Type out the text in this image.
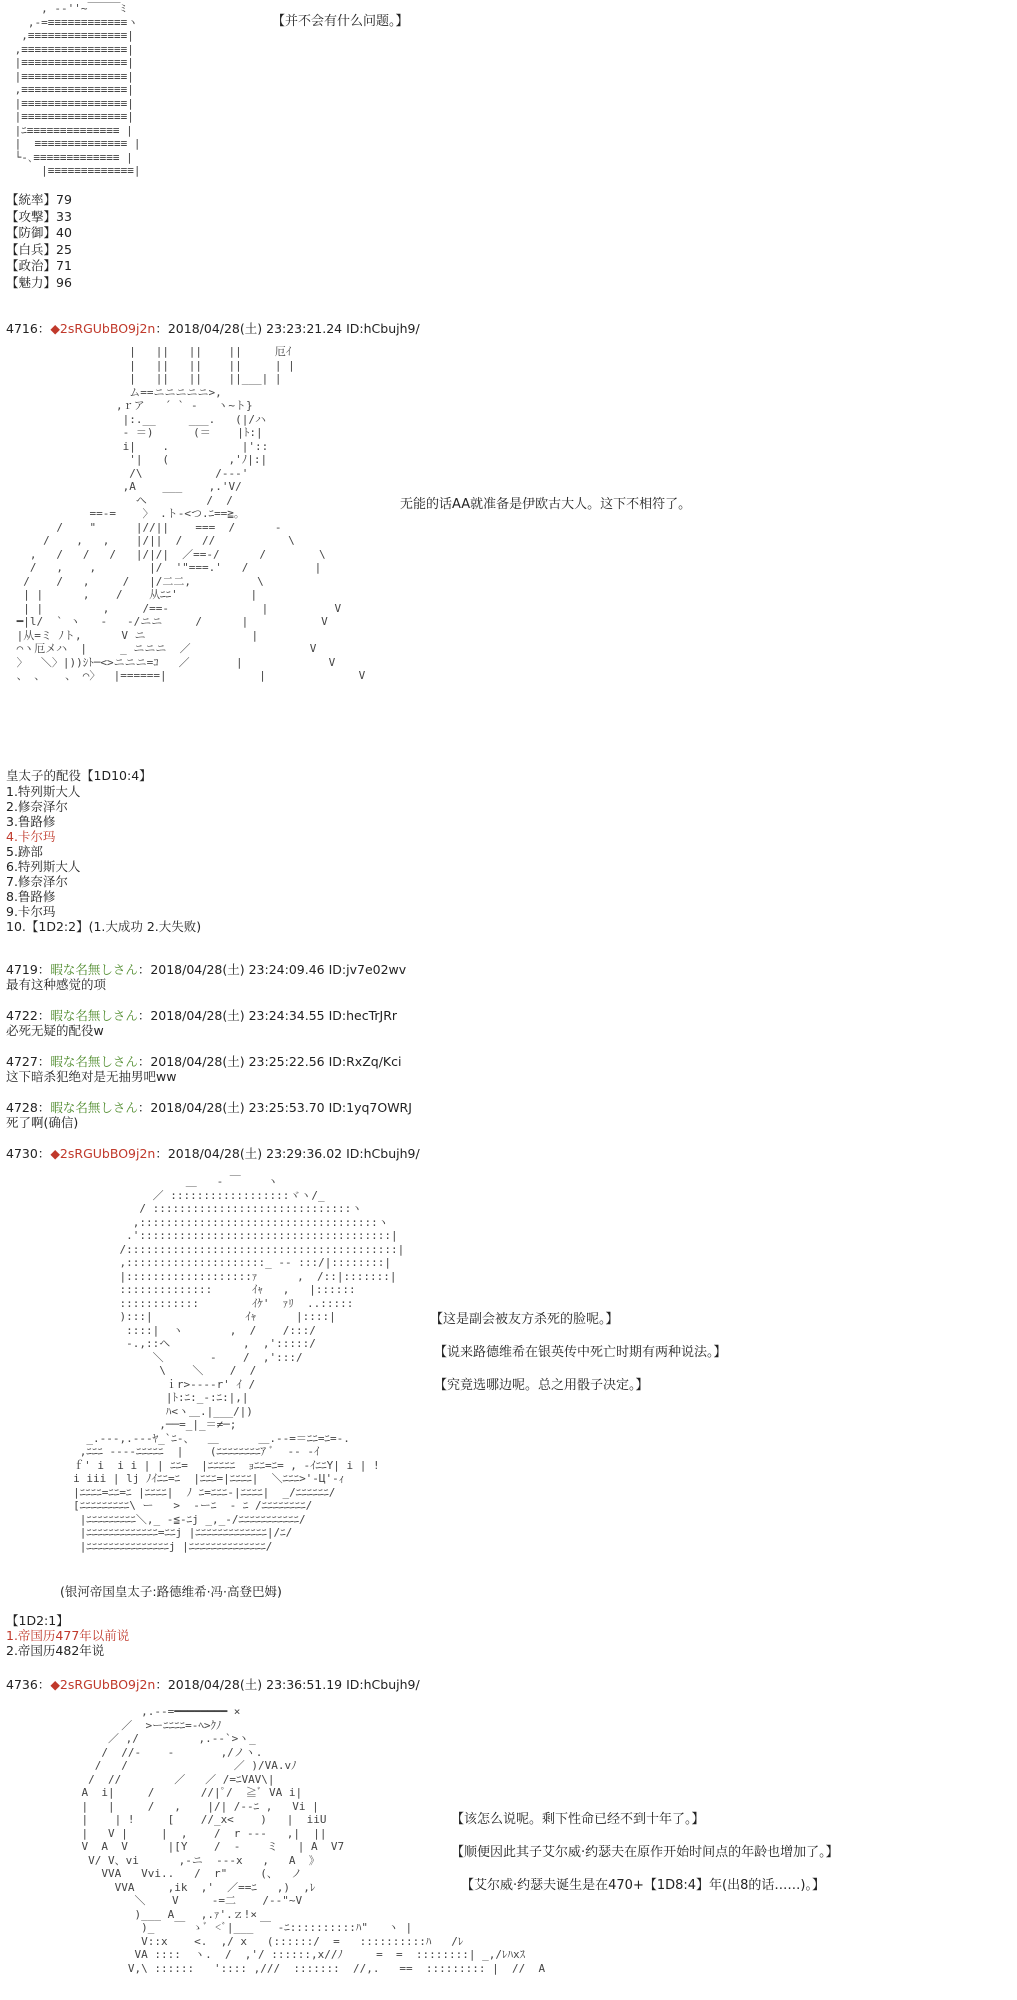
, -‐''~￣￣￣ﾐ
,-=≡≡≡≡≡≡≡≡≡≡≡≡ヽ
,≡≡≡≡≡≡≡≡≡≡≡≡≡≡≡|
,≡≡≡≡≡≡≡≡≡≡≡≡≡≡≡≡|
|≡≡≡≡≡≡≡≡≡≡≡≡≡≡≡≡|
|≡≡≡≡≡≡≡≡≡≡≡≡≡≡≡≡|
,≡≡≡≡≡≡≡≡≡≡≡≡≡≡≡≡|
|≡≡≡≡≡≡≡≡≡≡≡≡≡≡≡≡|
|≡≡≡≡≡≡≡≡≡≡≡≡≡≡≡≡|
|ﾆ≡≡≡≡≡≡≡≡≡≡≡≡≡≡ |
|  ≡≡≡≡≡≡≡≡≡≡≡≡≡≡ |
└-､≡≡≡≡≡≡≡≡≡≡≡≡≡ |
|≡≡≡≡≡≡≡≡≡≡≡≡≡|
【并不会有什么问题。】
【統率】79
【攻撃】33
【防御】40
【白兵】25
【政治】71
【魅力】96
4716：◆2sRGUbBO9j2n：2018/04/28(土) 23:23:21.24 ID:hCbujh9/
|   ||   ||    ||     厄ｲ
|   ||   ||    ||     | |
|   ||   ||    ||___| |
ム==ニニニニニ>,
,ｒア   ´ ` ‐   ヽ~ト}
|:.__     ___.   (|/ハ
- ＝)      (＝    |ﾄ:|
i|    .           |'::
'|   (         ,'ﾉ|:|
/\           /--‐'
,A    ___    ,.'V/
ヘ         /  /
==‐=    〉 .ト-<つ.ﾆ==≧。
/    "      |//||    ===  /      -
/    ,   ,    |/||  /   //           \
,   /   /   /   |/|/|  ／==-/      /        \
/   ,    ,        |/  '"===.'   /          |
/    /   ,     /   |/二二,          \
| |      ,    /    从ﾆﾆ'           |
| |         ,     /==‐              |          V
━|l/  ` ヽ   -   ‐/ニニ     /      |           V
|从=ミ ﾉト,      V ニ                |
⌒ヽ厄メハ  |     _ ニニニ  ／                  V
〉  ＼〉|))ｼﾄ─<>ニニニ=ｺ   ／       |             V
、 、   、 ⌒〉  |======|              |              V
无能的话AA就准备是伊欧古大人。这下不相符了。
皇太子的配役【1D10:4】
1.特列斯大人
2.修奈泽尔
3.鲁路修
4.卡尔玛
5.跡部
6.特列斯大人
7.修奈泽尔
8.鲁路修
9.卡尔玛
10.【1D2:2】(1.大成功 2.大失败)
4719：暇な名無しさん：2018/04/28(土) 23:24:09.46 ID:jv7e02wv
最有这种感觉的项
4722：暇な名無しさん：2018/04/28(土) 23:24:34.55 ID:hecTrJRr
必死无疑的配役w
4727：暇な名無しさん：2018/04/28(土) 23:25:22.56 ID:RxZq/Kci
这下暗杀犯绝对是无抽男吧ww
4728：暇な名無しさん：2018/04/28(土) 23:25:53.70 ID:1yq7OWRJ
死了啊(确信)
4730：◆2sRGUbBO9j2n：2018/04/28(土) 23:29:36.02 ID:hCbujh9/
＿   ‐ ￣    ヽ
／ ::::::::::::::::::ヾヽ/_
/ ::::::::::::::::::::::::::::::ヽ
,::::::::::::::::::::::::::::::::::::ヽ
.'::::::::::::::::::::::::::::::::::::::|
/:::::::::::::::::::::::::::::::::::::::::|
,:::::::::::::::::::::_ ‐‐ :::/|::::::::|
|:::::::::::::::::::ｧ      ,  /::|:::::::|
::::::::::::::      ｲｬ   ,   |::::::
::::::::::::        ｲｹ'  ｧﾘ  ..:::::
):::|              ｲｬ      |::::|
::::|  ヽ       ,  /    /:::/
-.,::ヘ           ,  ,':::::/
＼       ‐    /  ,':::/
\    ＼    /  /
ｉr>‐--‐r' ｲ /
|ﾄ:ﾆ:_-:ﾆ:|,|
ﾊ<ヽ＿.|___/|)
,──=_|_＝≠─;
_.-‐-,.--‐ﾔ_`ﾆ-、  ＿      ＿.-‐=＝ﾆﾆ=ﾆ=-.
,ﾆﾆﾆ --‐-ﾆﾆﾆﾆﾆ  |    (ﾆﾆﾆﾆﾆﾆﾆﾆｱ ﾞ  -‐ -ｲ
ｆ' i  i i | | ﾆﾆ=  |ﾆﾆﾆﾆﾆ  ｮﾆﾆ=ﾆ= , -ｲﾆﾆY| i | !
i iii | lj ﾉｲﾆﾆ=ﾆ  |ﾆﾆﾆ=|ﾆﾆﾆﾆ|  ＼ﾆﾆﾆ>'-Ц'-ｨ
|ﾆﾆﾆﾆ=ﾆﾆ=ﾆ |ﾆﾆﾆﾆ|  ﾉ ﾆ=ﾆﾆﾆ-|ﾆﾆﾆﾆ|  _/ﾆﾆﾆﾆﾆﾆ/
[ﾆﾆﾆﾆﾆﾆﾆﾆﾆ\ ー   >  ‐ーﾆ  ‐ ﾆ /ﾆﾆﾆﾆﾆﾆﾆﾆ/
|ﾆﾆﾆﾆﾆﾆﾆﾆﾆ＼,_ ‐≦-ﾆj _,_‐/ﾆﾆﾆﾆﾆﾆﾆﾆﾆﾆﾆ/
|ﾆﾆﾆﾆﾆﾆﾆﾆﾆﾆﾆﾆﾆ=ﾆﾆj |ﾆﾆﾆﾆﾆﾆﾆﾆﾆﾆﾆﾆﾆ|/ﾆ/
|ﾆﾆﾆﾆﾆﾆﾆﾆﾆﾆﾆﾆﾆﾆﾆj |ﾆﾆﾆﾆﾆﾆﾆﾆﾆﾆﾆﾆﾆﾆ/
【这是副会被友方杀死的脸呢。】
【说来路德维希在银英传中死亡时期有两种说法。】
【究竟选哪边呢。总之用骰子决定。】
(银河帝国皇太子:路德维希·冯·高登巴姆)
【1D2:1】
1.帝国历477年以前说
2.帝国历482年说
4736：◆2sRGUbBO9j2n：2018/04/28(土) 23:36:51.19 ID:hCbujh9/
,.-‐=━━━━━━━━ ×
／  >ーﾆﾆﾆﾆ=-ﾍ>ｸﾉ
／ ,/         ,.-‐`>ヽ_
/  //‐    ‐       ,/ノヽ.
/   /                ／ )/VA.vﾉ
/  //        ／   ／ /=ﾆVAV\|
A  i|     /       //|ﾟ/  ≧ﾞ VA i|
|   |     /   ,    |/| /‐-ﾆ ,   Vi |
|    | !     [    //_x<    )   |  iiU
|   V |     |  ,    /  r ‐‐-   ,|  ||
V  A  V      |[Y    /  ‐    ミ   | A  V7
V/ V、vi      ,-ニ  ‐‐-x   ,   A  》
VVA   Vvi..   /  r"     (、  ノ
VVA     ,ik  ,'  ／==ﾆ   ,)  ,ﾚ
＼    V     ‐=二    /‐‐"~V
)___ A    ,.ｧ'.ｚ!×
)_   ￣ ゝﾞ <ﾞ|___ ￣ ‐ﾆ::::::::::ﾊ"   ヽ |
V::x    <.  ,/ x   (::::::/  =   ::::::::::ﾊ   /ﾚ
VA ::::  ヽ.  /  ,'/ ::::::,x//ﾉ     =  =  ::::::::| _,/ﾚﾊxｽ
V,\ ::::::   ':::: ,///  :::::::  //,.   ==  ::::::::: |  //  A
【该怎么说呢。剩下性命已经不到十年了。】
【顺便因此其子艾尔威·约瑟夫在原作开始时间点的年龄也增加了。】
【艾尔威·约瑟夫诞生是在470+【1D8:4】年(出8的话……)。】
